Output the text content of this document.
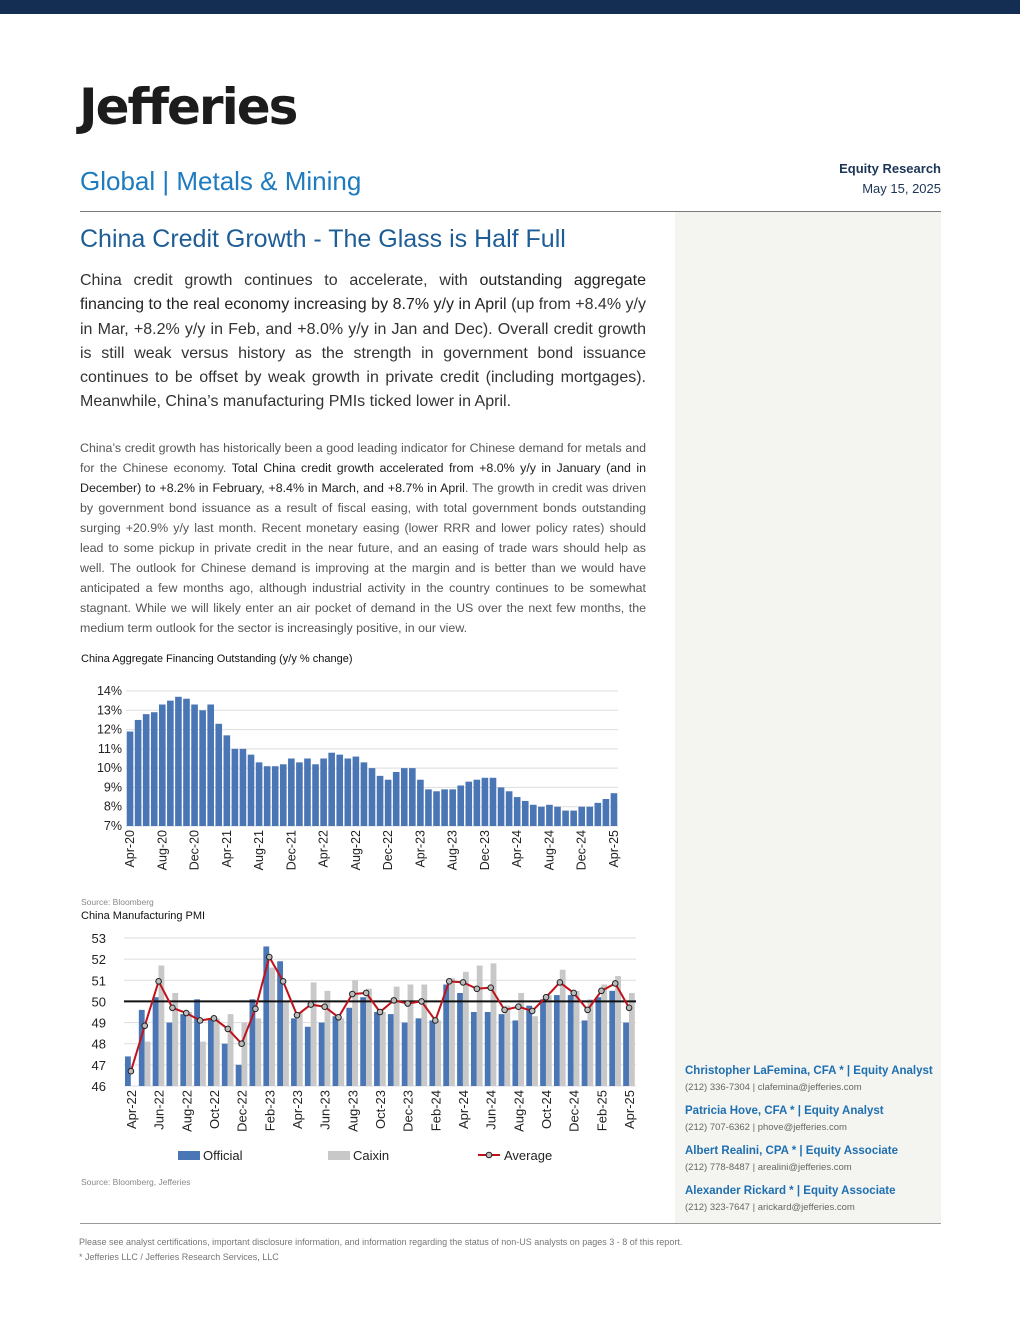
Jefferies
Global | Metals & Mining	Equity Research
May 15, 2025
China Credit Growth - The Glass is Half Full
China credit growth continues to accelerate, with outstanding aggregate financing to the real economy increasing by 8.7% y/y in April (up from +8.4% y/y in Mar, +8.2% y/y in Feb, and +8.0% y/y in Jan and Dec). Overall credit growth is still weak versus history as the strength in government bond issuance continues to be offset by weak growth in private credit (including mortgages). Meanwhile, China’s manufacturing PMIs ticked lower in April.
China’s credit growth has historically been a good leading indicator for Chinese demand for metals and for the Chinese economy. Total China credit growth accelerated from +8.0% y/y in January (and in December) to +8.2% in February, +8.4% in March, and +8.7% in April. The growth in credit was driven by government bond issuance as a result of fiscal easing, with total government bonds outstanding surging +20.9% y/y last month. Recent monetary easing (lower RRR and lower policy rates) should lead to some pickup in private credit in the near future, and an easing of trade wars should help as well. The outlook for Chinese demand is improving at the margin and is better than we would have anticipated a few months ago, although industrial activity in the country continues to be somewhat stagnant. While we will likely enter an air pocket of demand in the US over the next few months, the medium term outlook for the sector is increasingly positive, in our view.
China Aggregate Financing Outstanding (y/y % change)
14%
13%
12%
11%
10%
9%
8%
7%
Apr-20 Aug-20 Dec-20 Apr-21 Aug-21 Dec-21 Apr-22 Aug-22 Dec-22 Apr-23 Aug-23 Dec-23 Apr-24 Aug-24 Dec-24 Apr-25
Source: Bloomberg
China Manufacturing PMI
53
52
51
50
49
48
47
46
Apr-22 Jun-22 Aug-22 Oct-22 Dec-22 Feb-23 Apr-23 Jun-23 Aug-23 Oct-23 Dec-23 Feb-24 Apr-24 Jun-24 Aug-24 Oct-24 Dec-24 Feb-25 Apr-25
Official	Caixin	Average
Source: Bloomberg, Jefferies
Christopher LaFemina, CFA * | Equity Analyst
(212) 336-7304 | clafemina@jefferies.com
Patricia Hove, CFA * | Equity Analyst
(212) 707-6362 | phove@jefferies.com
Albert Realini, CPA * | Equity Associate
(212) 778-8487 | arealini@jefferies.com
Alexander Rickard * | Equity Associate
(212) 323-7647 | arickard@jefferies.com
Please see analyst certifications, important disclosure information, and information regarding the status of non-US analysts on pages 3 - 8 of this report.
* Jefferies LLC / Jefferies Research Services, LLC
